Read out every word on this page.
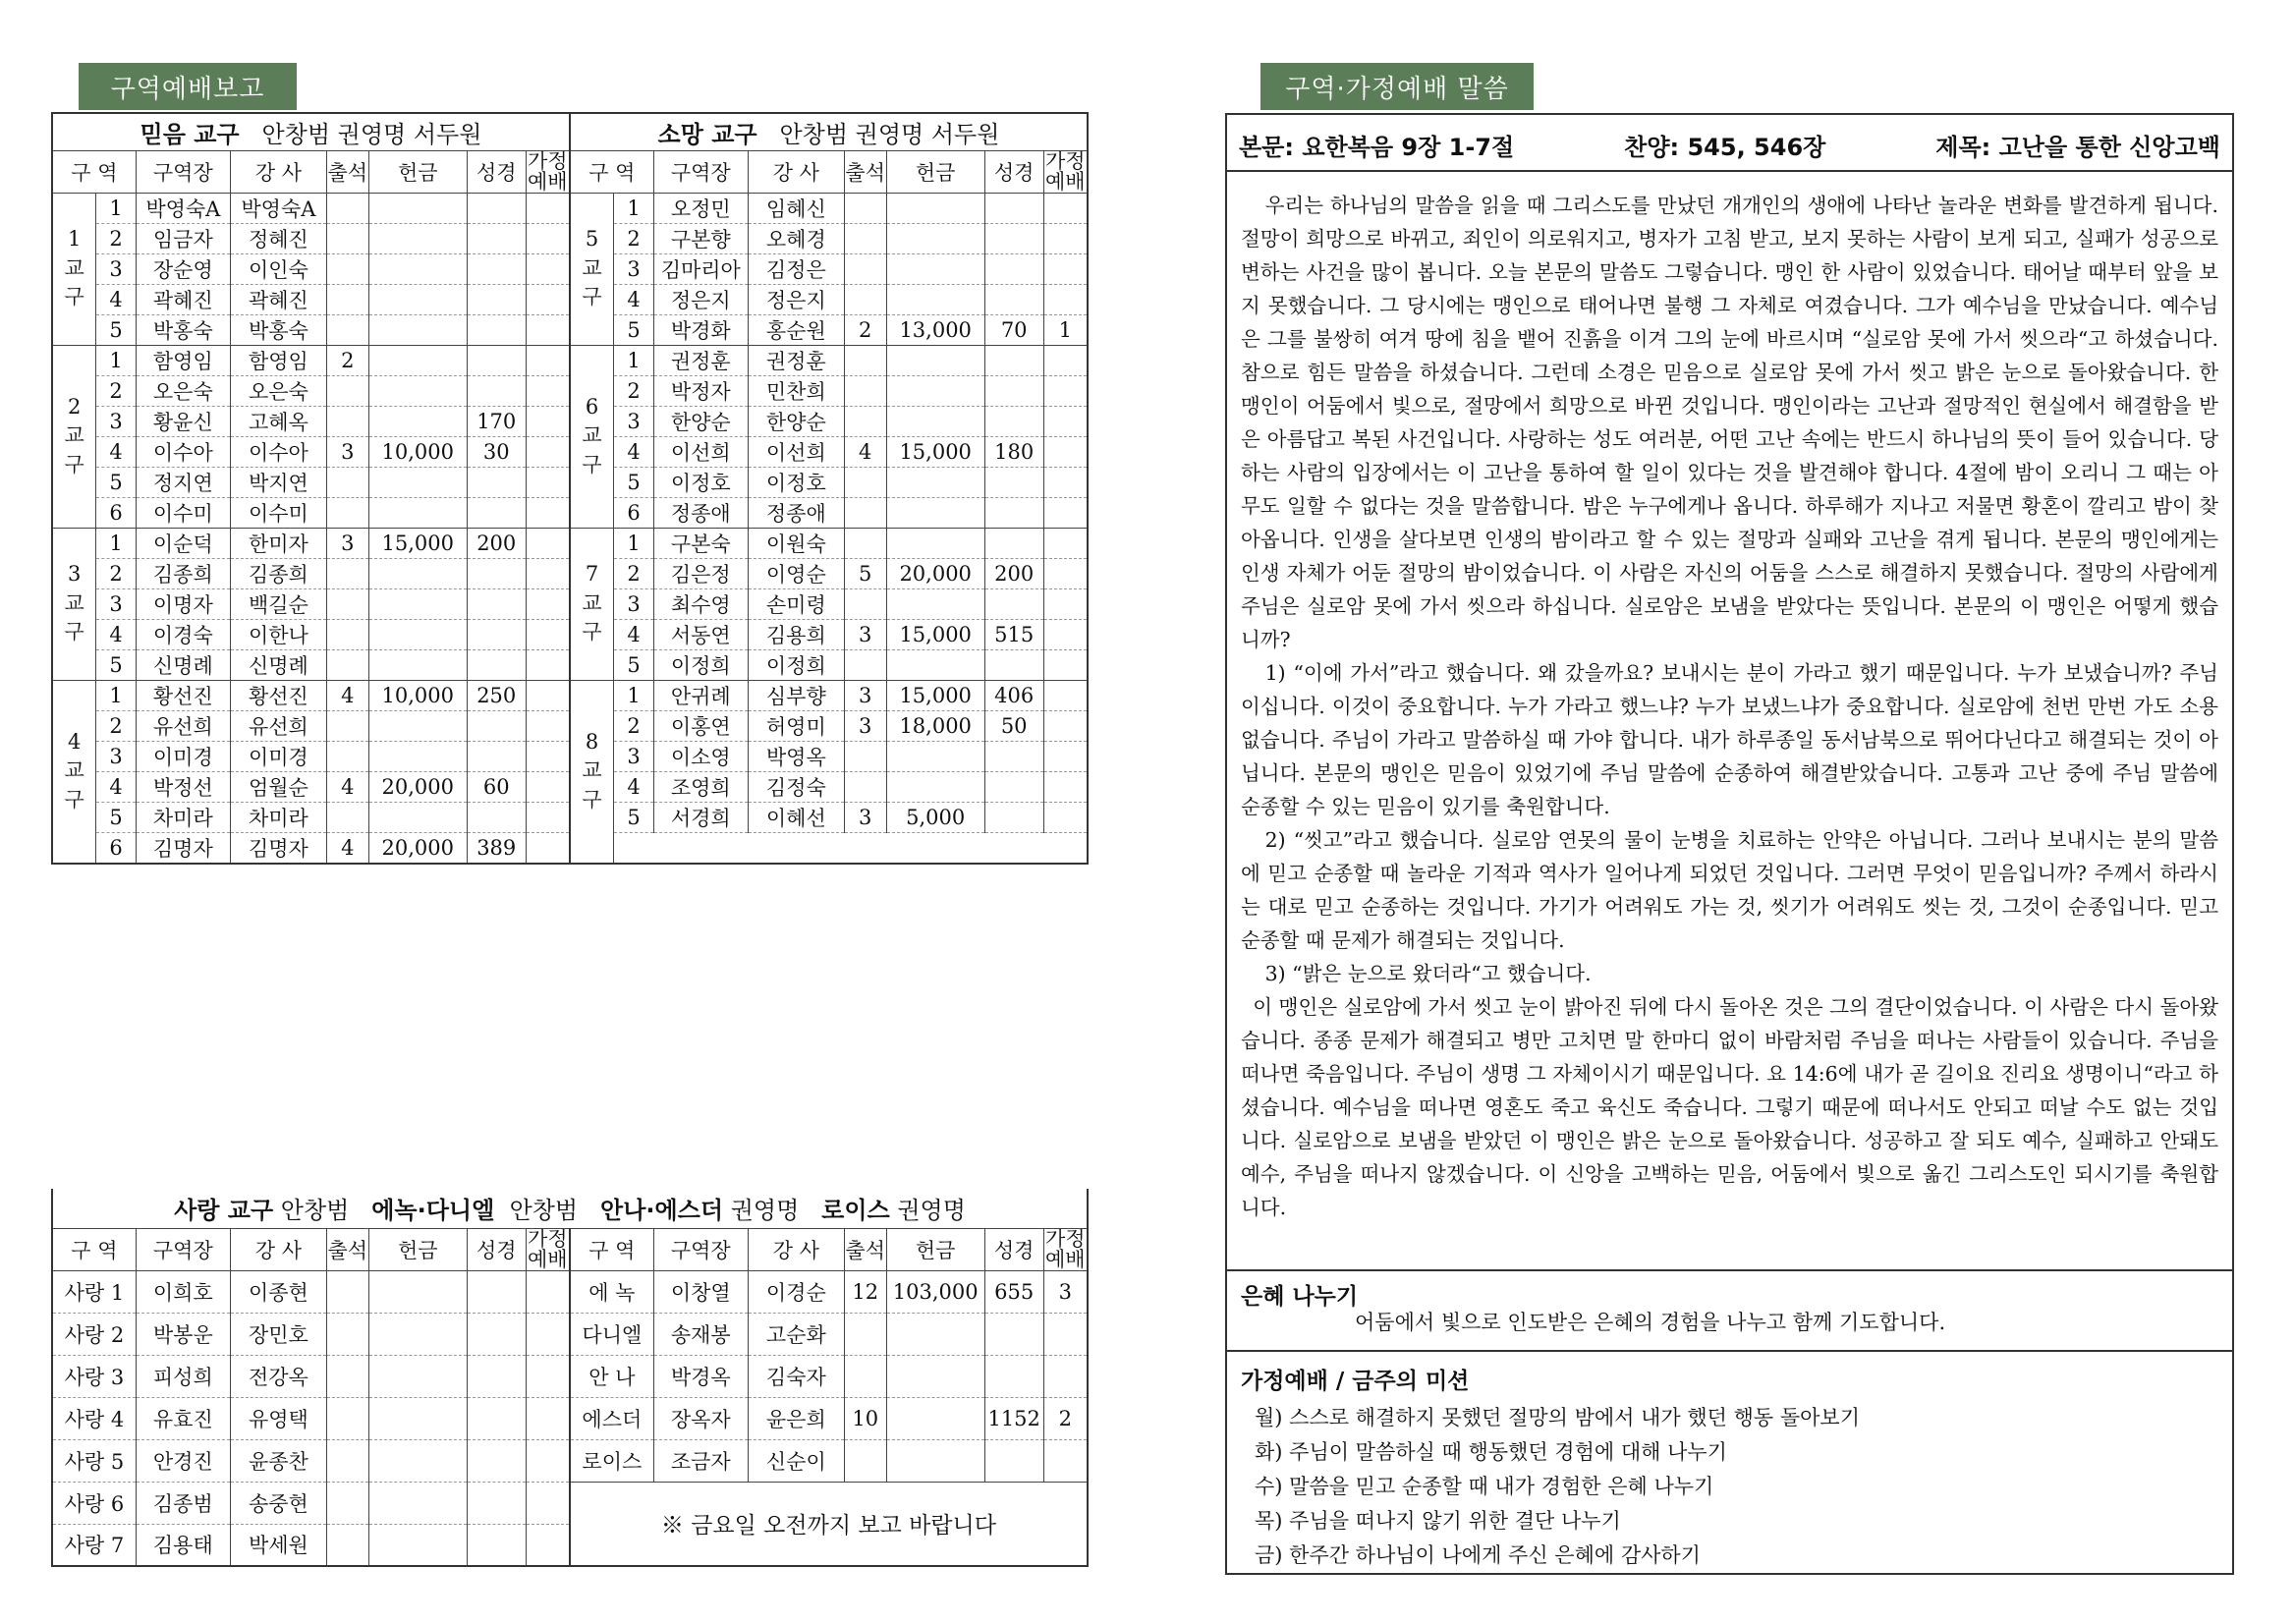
구역예배보고	구역·가정예배 말씀
믿음 교구 안창범 권영명 서두원								소망 교구 안창범 권영명 서두원							
구 역		구역장	강 사	출석	헌금	성경	가정예배	구 역		구역장	강 사	출석	헌금	성경	가정예배
1교구	1	박영숙A	박영숙A					5교구	1	오정민	임혜신				
	2	임금자	정혜진						2	구본향	오혜경				
	3	장순영	이인숙						3	김마리아	김정은				
	4	곽혜진	곽혜진						4	정은지	정은지				
	5	박홍숙	박홍숙						5	박경화	홍순원	2	13,000	70	1
2교구	1	함영임	함영임	2				6교구	1	권정훈	권정훈				
	2	오은숙	오은숙						2	박정자	민찬희				
	3	황윤신	고혜옥			170			3	한양순	한양순				
	4	이수아	이수아	3	10,000	30			4	이선희	이선희	4	15,000	180	
	5	정지연	박지연						5	이정호	이정호				
	6	이수미	이수미						6	정종애	정종애				
3교구	1	이순덕	한미자	3	15,000	200		7교구	1	구본숙	이원숙				
	2	김종희	김종희						2	김은정	이영순	5	20,000	200	
	3	이명자	백길순						3	최수영	손미령				
	4	이경숙	이한나						4	서동연	김용희	3	15,000	515	
	5	신명례	신명례						5	이정희	이정희				
4교구	1	황선진	황선진	4	10,000	250		8교구	1	안귀례	심부향	3	15,000	406	
	2	유선희	유선희						2	이홍연	허영미	3	18,000	50	
	3	이미경	이미경						3	이소영	박영옥				
	4	박정선	엄월순	4	20,000	60			4	조영희	김정숙				
	5	차미라	차미라						5	서경희	이혜선	3	5,000		
	6	김명자	김명자	4	20,000	389									
사랑 교구 안창범 에녹·다니엘 안창범 안나·에스더 권영명 로이스 권영명													
구 역	구역장	강 사	출석	헌금	성경	가정예배	구 역	구역장	강 사	출석	헌금	성경	가정예배
사랑 1	이희호	이종현					에 녹	이창열	이경순	12	103,000	655	3
사랑 2	박봉운	장민호					다니엘	송재봉	고순화				
사랑 3	피성희	전강옥					안 나	박경옥	김숙자				
사랑 4	유효진	유영택					에스더	장옥자	윤은희	10		1152	2
사랑 5	안경진	윤종찬					로이스	조금자	신순이				
사랑 6	김종범	송중현					※ 금요일 오전까지 보고 바랍니다						
사랑 7	김용태	박세원											
본문: 요한복음 9장 1-7절	찬양: 545, 546장	제목: 고난을 통한 신앙고백

우리는 하나님의 말씀을 읽을 때 그리스도를 만났던 개개인의 생애에 나타난 놀라운 변화를 발견하게 됩니다. 절망이 희망으로 바뀌고, 죄인이 의로워지고, 병자가 고침 받고, 보지 못하는 사람이 보게 되고, 실패가 성공으로 변하는 사건을 많이 봅니다. 오늘 본문의 말씀도 그렇습니다. 맹인 한 사람이 있었습니다. 태어날 때부터 앞을 보지 못했습니다. 그 당시에는 맹인으로 태어나면 불행 그 자체로 여겼습니다. 그가 예수님을 만났습니다. 예수님은 그를 불쌍히 여겨 땅에 침을 뱉어 진흙을 이겨 그의 눈에 바르시며 “실로암 못에 가서 씻으라“고 하셨습니다. 참으로 힘든 말씀을 하셨습니다. 그런데 소경은 믿음으로 실로암 못에 가서 씻고 밝은 눈으로 돌아왔습니다. 한 맹인이 어둠에서 빛으로, 절망에서 희망으로 바뀐 것입니다. 맹인이라는 고난과 절망적인 현실에서 해결함을 받은 아름답고 복된 사건입니다. 사랑하는 성도 여러분, 어떤 고난 속에는 반드시 하나님의 뜻이 들어 있습니다. 당하는 사람의 입장에서는 이 고난을 통하여 할 일이 있다는 것을 발견해야 합니다. 4절에 밤이 오리니 그 때는 아무도 일할 수 없다는 것을 말씀합니다. 밤은 누구에게나 옵니다. 하루해가 지나고 저물면 황혼이 깔리고 밤이 찾아옵니다. 인생을 살다보면 인생의 밤이라고 할 수 있는 절망과 실패와 고난을 겪게 됩니다. 본문의 맹인에게는 인생 자체가 어둔 절망의 밤이었습니다. 이 사람은 자신의 어둠을 스스로 해결하지 못했습니다. 절망의 사람에게 주님은 실로암 못에 가서 씻으라 하십니다. 실로암은 보냄을 받았다는 뜻입니다. 본문의 이 맹인은 어떻게 했습니까?

1) “이에 가서”라고 했습니다. 왜 갔을까요? 보내시는 분이 가라고 했기 때문입니다. 누가 보냈습니까? 주님이십니다. 이것이 중요합니다. 누가 가라고 했느냐? 누가 보냈느냐가 중요합니다. 실로암에 천번 만번 가도 소용없습니다. 주님이 가라고 말씀하실 때 가야 합니다. 내가 하루종일 동서남북으로 뛰어다닌다고 해결되는 것이 아닙니다. 본문의 맹인은 믿음이 있었기에 주님 말씀에 순종하여 해결받았습니다. 고통과 고난 중에 주님 말씀에 순종할 수 있는 믿음이 있기를 축원합니다.

2) “씻고”라고 했습니다. 실로암 연못의 물이 눈병을 치료하는 안약은 아닙니다. 그러나 보내시는 분의 말씀에 믿고 순종할 때 놀라운 기적과 역사가 일어나게 되었던 것입니다. 그러면 무엇이 믿음입니까? 주께서 하라시는 대로 믿고 순종하는 것입니다. 가기가 어려워도 가는 것, 씻기가 어려워도 씻는 것, 그것이 순종입니다. 믿고 순종할 때 문제가 해결되는 것입니다.

3) “밝은 눈으로 왔더라“고 했습니다.

이 맹인은 실로암에 가서 씻고 눈이 밝아진 뒤에 다시 돌아온 것은 그의 결단이었습니다. 이 사람은 다시 돌아왔습니다. 종종 문제가 해결되고 병만 고치면 말 한마디 없이 바람처럼 주님을 떠나는 사람들이 있습니다. 주님을 떠나면 죽음입니다. 주님이 생명 그 자체이시기 때문입니다. 요 14:6에 내가 곧 길이요 진리요 생명이니“라고 하셨습니다. 예수님을 떠나면 영혼도 죽고 육신도 죽습니다. 그렇기 때문에 떠나서도 안되고 떠날 수도 없는 것입니다. 실로암으로 보냄을 받았던 이 맹인은 밝은 눈으로 돌아왔습니다. 성공하고 잘 되도 예수, 실패하고 안돼도 예수, 주님을 떠나지 않겠습니다. 이 신앙을 고백하는 믿음, 어둠에서 빛으로 옮긴 그리스도인 되시기를 축원합니다.

은혜 나누기
어둠에서 빛으로 인도받은 은혜의 경험을 나누고 함께 기도합니다.
가정예배 / 금주의 미션
월) 스스로 해결하지 못했던 절망의 밤에서 내가 했던 행동 돌아보기
화) 주님이 말씀하실 때 행동했던 경험에 대해 나누기
수) 말씀을 믿고 순종할 때 내가 경험한 은혜 나누기
목) 주님을 떠나지 않기 위한 결단 나누기
금) 한주간 하나님이 나에게 주신 은혜에 감사하기
